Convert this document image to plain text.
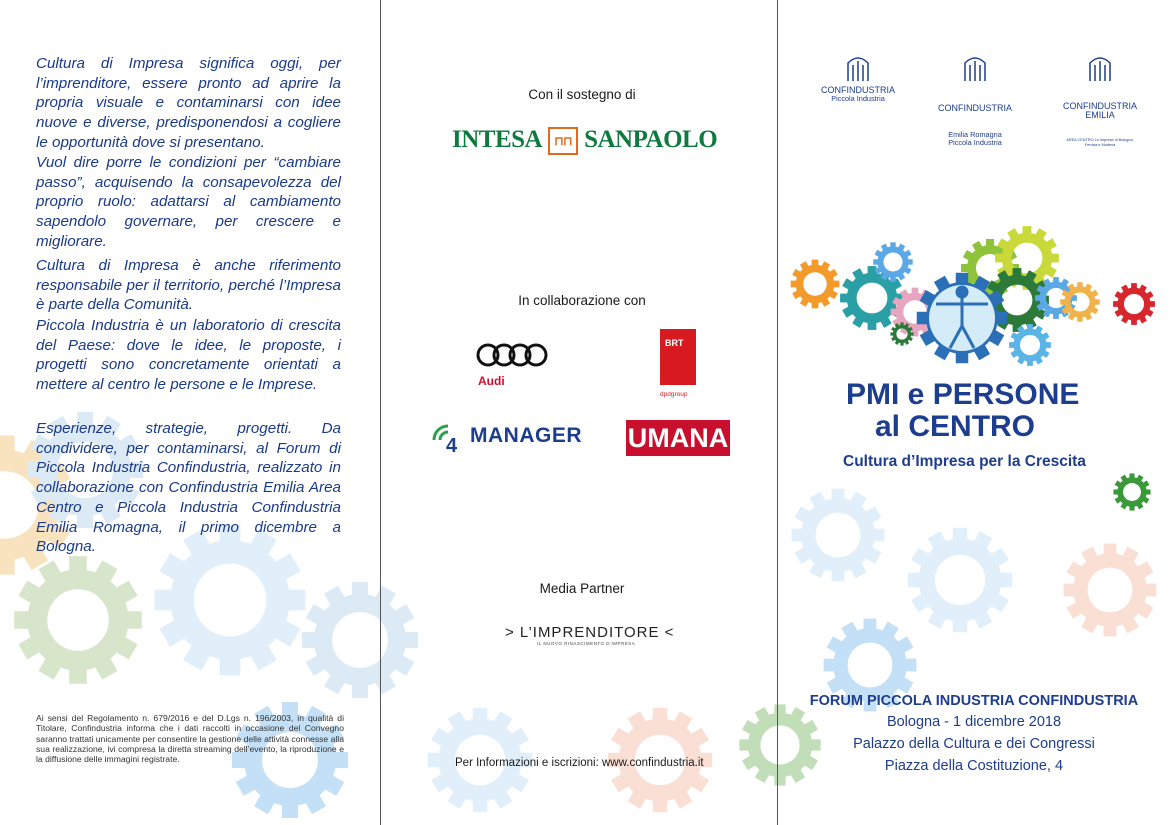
Cultura di Impresa significa oggi, per l’imprenditore, essere pronto ad aprire la propria visuale e contaminarsi con idee nuove e diverse, predisponendosi a cogliere le opportunità dove si presentano.

Vuol dire porre le condizioni per “cambiare passo”, acquisendo la consapevolezza del proprio ruolo: adattarsi al cambiamento sapendolo governare, per crescere e migliorare.

Cultura di Impresa è anche riferimento responsabile per il territorio, perché l’Impresa è parte della Comunità.

Piccola Industria è un laboratorio di crescita del Paese: dove le idee, le proposte, i progetti sono concretamente orientati a mettere al centro le persone e le Imprese.

Esperienze, strategie, progetti. Da condividere, per contaminarsi, al Forum di Piccola Industria Confindustria, realizzato in collaborazione con Confindustria Emilia Area Centro e Piccola Industria Confindustria Emilia Romagna, il primo dicembre a Bologna.

Ai sensi del Regolamento n. 679/2016 e del D.Lgs n. 196/2003, in qualità di Titolare, Confindustria informa che i dati raccolti in occasione del Convegno saranno trattati unicamente per consentire la gestione delle attività connesse alla sua realizzazione, ivi compresa la diretta streaming dell’evento, la riproduzione e la diffusione delle immagini registrate.

Con il sostegno di
INTESA ⊓⊓ SANPAOLO
In collaborazione con
Audi
BRT
dpdgroup
4 MANAGER UMANA
Media Partner
> L’IMPRENDITORE <
IL NUOVO RINASCIMENTO D’IMPRESA
Per Informazioni e iscrizioni: www.confindustria.it
CONFINDUSTRIA
Piccola Industria

CONFINDUSTRIA

Emilia Romagna
Piccola Industria

CONFINDUSTRIA
EMILIA

AREA CENTRO Le Imprese di Bologna, Ferrara e Modena

PMI e PERSONE
al CENTRO
Cultura d’Impresa per la Crescita
FORUM PICCOLA INDUSTRIA CONFINDUSTRIA
Bologna - 1 dicembre 2018
Palazzo della Cultura e dei Congressi
Piazza della Costituzione, 4
